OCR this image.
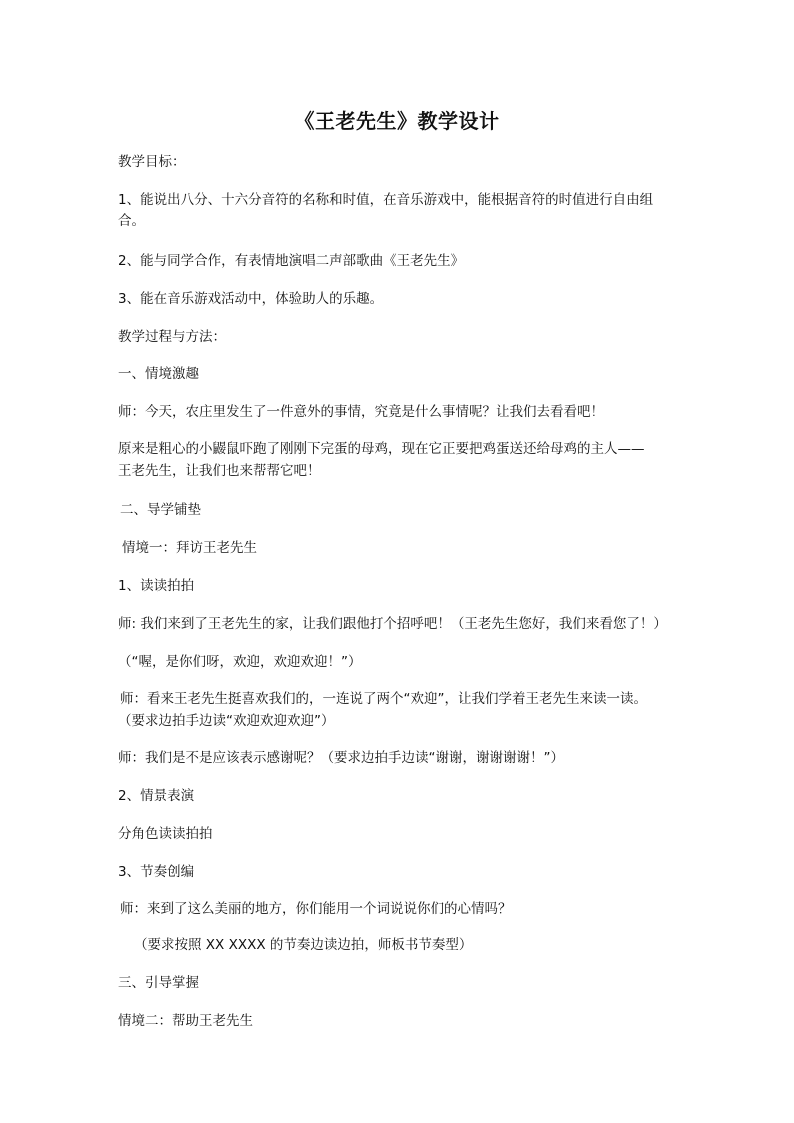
《王老先生》教学设计
教学目标：
1、能说出八分、十六分音符的名称和时值，在音乐游戏中，能根据音符的时值进行自由组
合。
2、能与同学合作，有表情地演唱二声部歌曲《王老先生》
3、能在音乐游戏活动中，体验助人的乐趣。
教学过程与方法：
一、情境激趣
师：今天，农庄里发生了一件意外的事情，究竟是什么事情呢？让我们去看看吧！
原来是粗心的小鼹鼠吓跑了刚刚下完蛋的母鸡，现在它正要把鸡蛋送还给母鸡的主人——
王老先生，让我们也来帮帮它吧！
二、导学铺垫
情境一：拜访王老先生
1、读读拍拍
师: 我们来到了王老先生的家，让我们跟他打个招呼吧！（王老先生您好，我们来看您了！）
（“喔，是你们呀，欢迎，欢迎欢迎！”）
师：看来王老先生挺喜欢我们的，一连说了两个“欢迎”，让我们学着王老先生来读一读。
（要求边拍手边读“欢迎欢迎欢迎”）
师：我们是不是应该表示感谢呢？（要求边拍手边读“谢谢，谢谢谢谢！”）
2、情景表演
分角色读读拍拍
3、节奏创编
师：来到了这么美丽的地方，你们能用一个词说说你们的心情吗？
（要求按照 XX XXXX 的节奏边读边拍，师板书节奏型）
三、引导掌握
情境二：帮助王老先生
